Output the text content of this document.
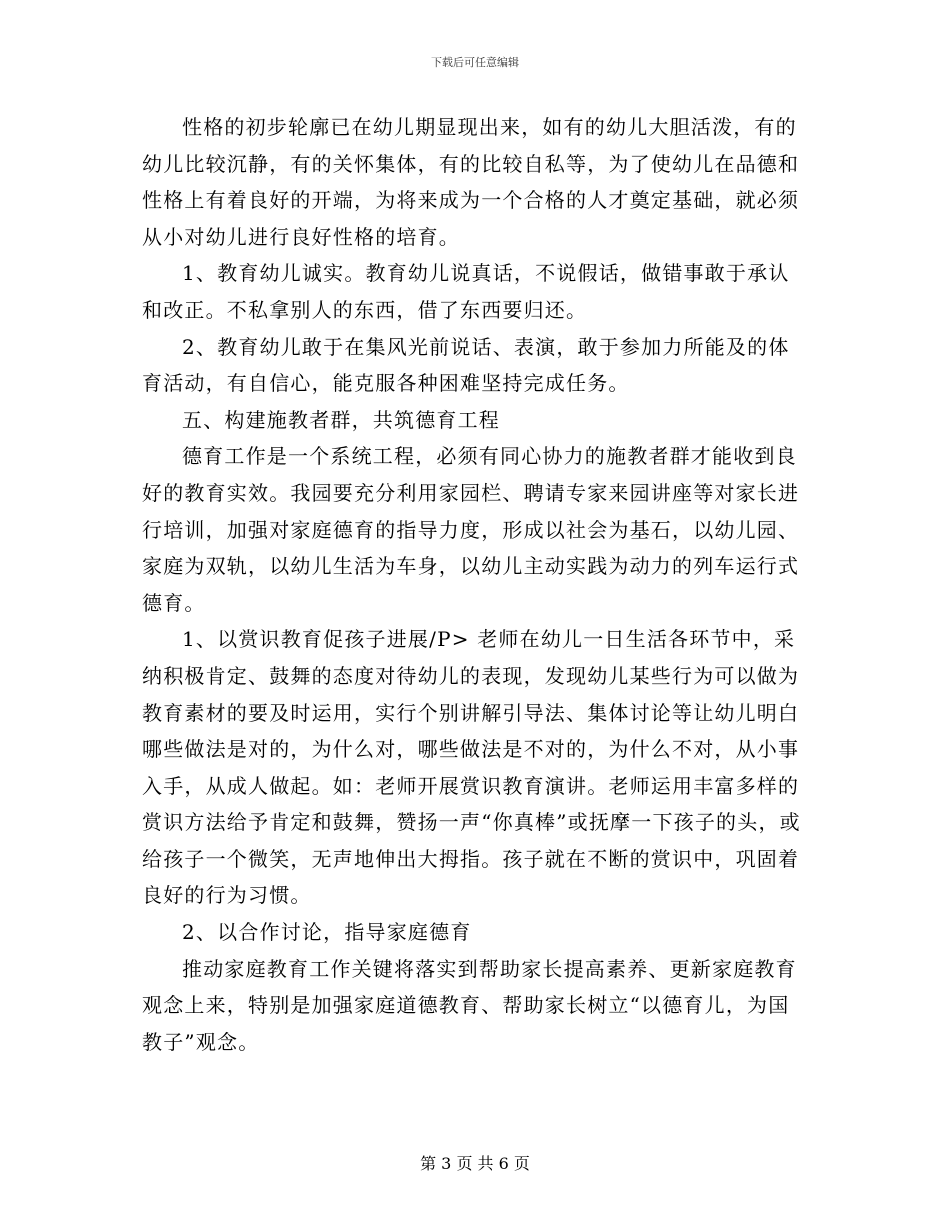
下载后可任意编辑

性格的初步轮廓已在幼儿期显现出来，如有的幼儿大胆活泼，有的幼儿比较沉静，有的关怀集体，有的比较自私等，为了使幼儿在品德和性格上有着良好的开端，为将来成为一个合格的人才奠定基础，就必须从小对幼儿进行良好性格的培育。

1、教育幼儿诚实。教育幼儿说真话，不说假话，做错事敢于承认和改正。不私拿别人的东西，借了东西要归还。

2、教育幼儿敢于在集风光前说话、表演，敢于参加力所能及的体育活动，有自信心，能克服各种困难坚持完成任务。

五、构建施教者群，共筑德育工程

德育工作是一个系统工程，必须有同心协力的施教者群才能收到良好的教育实效。我园要充分利用家园栏、聘请专家来园讲座等对家长进行培训，加强对家庭德育的指导力度，形成以社会为基石，以幼儿园、家庭为双轨，以幼儿生活为车身，以幼儿主动实践为动力的列车运行式德育。

1、以赏识教育促孩子进展/P> 老师在幼儿一日生活各环节中，采纳积极肯定、鼓舞的态度对待幼儿的表现，发现幼儿某些行为可以做为教育素材的要及时运用，实行个别讲解引导法、集体讨论等让幼儿明白哪些做法是对的，为什么对，哪些做法是不对的，为什么不对，从小事入手，从成人做起。如：老师开展赏识教育演讲。老师运用丰富多样的赏识方法给予肯定和鼓舞，赞扬一声“你真棒”或抚摩一下孩子的头，或给孩子一个微笑，无声地伸出大拇指。孩子就在不断的赏识中，巩固着良好的行为习惯。

2、以合作讨论，指导家庭德育

推动家庭教育工作关键将落实到帮助家长提高素养、更新家庭教育观念上来，特别是加强家庭道德教育、帮助家长树立“以德育儿，为国教子”观念。

第 3 页 共 6 页
